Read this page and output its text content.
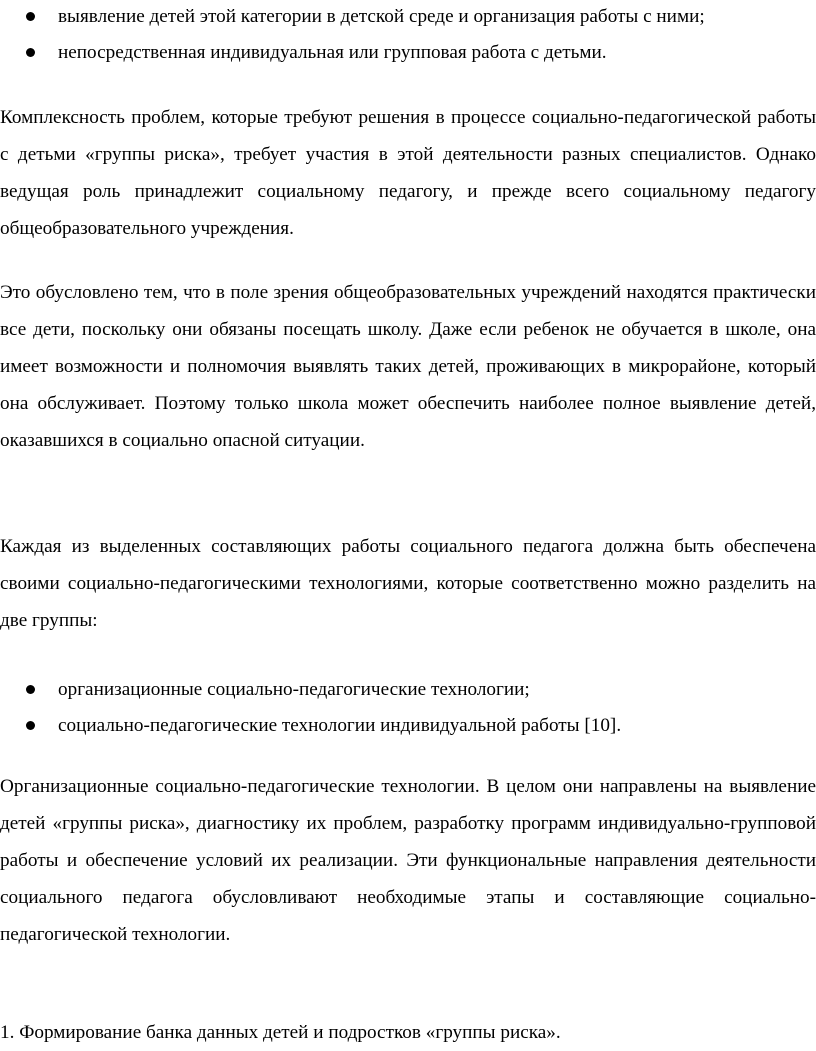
выявление детей этой категории в детской среде и организация работы с ними;
непосредственная индивидуальная или групповая работа с детьми.

Комплексность проблем, которые требуют решения в процессе социально-педагогической работы с детьми «группы риска», требует участия в этой деятельности разных специалистов. Однако ведущая роль принадлежит социальному педагогу, и прежде всего социальному педагогу общеобразовательного учреждения.

Это обусловлено тем, что в поле зрения общеобразовательных учреждений находятся практически все дети, поскольку они обязаны посещать школу. Даже если ребенок не обучается в школе, она имеет возможности и полномочия выявлять таких детей, проживающих в микрорайоне, который она обслуживает. Поэтому только школа может обеспечить наиболее полное выявление детей, оказавшихся в социально опасной ситуации.

Каждая из выделенных составляющих работы социального педагога должна быть обеспечена своими социально-педагогическими технологиями, которые соответственно можно разделить на две группы:

организационные социально-педагогические технологии;
социально-педагогические технологии индивидуальной работы [10].

Организационные социально-педагогические технологии. В целом они направлены на выявление детей «группы риска», диагностику их проблем, разработку программ индивидуально-групповой работы и обеспечение условий их реализации. Эти функциональные направления деятельности социального педагога обусловливают необходимые этапы и составляющие социально-педагогической технологии.

1. Формирование банка данных детей и подростков «группы риска».
